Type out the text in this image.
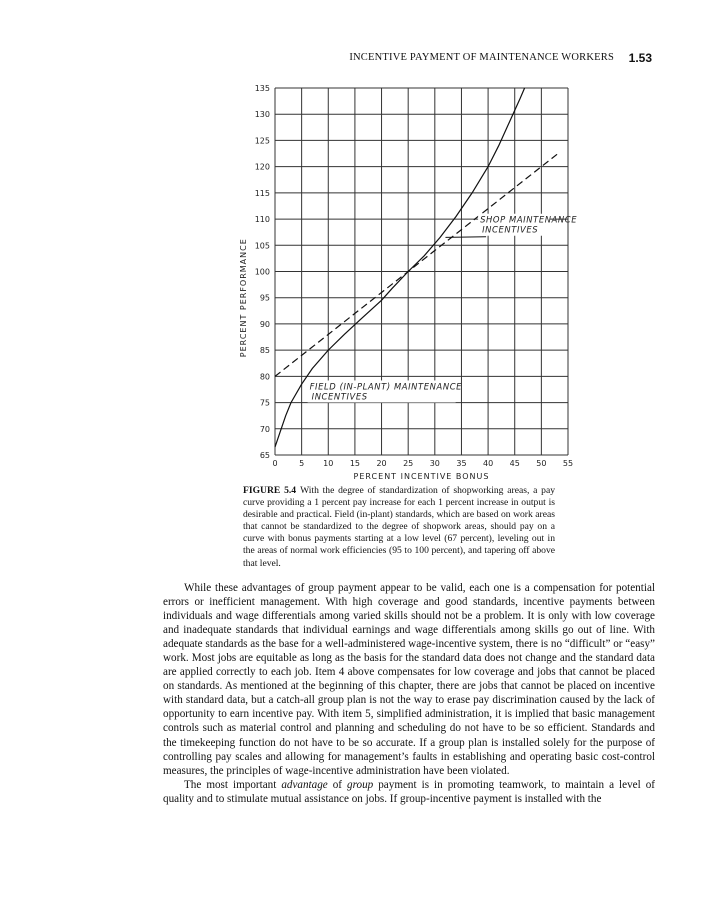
INCENTIVE PAYMENT OF MAINTENANCE WORKERS 1.53
0	5 10 15 20 25 30 35 40 45 50 55
65
70
75
80
85
90
95
100
105
110
115
120
125
130
135
PERCENT INCENTIVE BONUS
PERCENT PERFORMANCE
SHOP MAINTENANCE
INCENTIVES
FIELD (IN-PLANT) MAINTENANCE
INCENTIVES
FIGURE 5.4 With the degree of standardization of shopworking areas, a pay curve providing a 1 percent pay increase for each 1 percent increase in output is desirable and practical. Field (in-plant) standards, which are based on work areas that cannot be standardized to the degree of shopwork areas, should pay on a curve with bonus payments starting at a low level (67 percent), leveling out in the areas of normal work efficiencies (95 to 100 percent), and tapering off above that level.

While these advantages of group payment appear to be valid, each one is a compensation for potential errors or inefficient management. With high coverage and good standards, incentive payments between individuals and wage differentials among varied skills should not be a problem. It is only with low coverage and inadequate standards that individual earnings and wage differentials among skills go out of line. With adequate standards as the base for a well-administered wage-incentive system, there is no “difficult” or “easy” work. Most jobs are equitable as long as the basis for the standard data does not change and the standard data are applied correctly to each job. Item 4 above compensates for low coverage and jobs that cannot be placed on standards. As mentioned at the beginning of this chapter, there are jobs that cannot be placed on incentive with standard data, but a catch-all group plan is not the way to erase pay discrimination caused by the lack of opportunity to earn incentive pay. With item 5, simplified administration, it is implied that basic management controls such as material control and planning and scheduling do not have to be so efficient. Standards and the timekeeping function do not have to be so accurate. If a group plan is installed solely for the purpose of controlling pay scales and allowing for management’s faults in establishing and operating basic cost-control measures, the principles of wage-incentive administration have been violated.

The most important advantage of group payment is in promoting teamwork, to maintain a level of quality and to stimulate mutual assistance on jobs. If group-incentive payment is installed with the
